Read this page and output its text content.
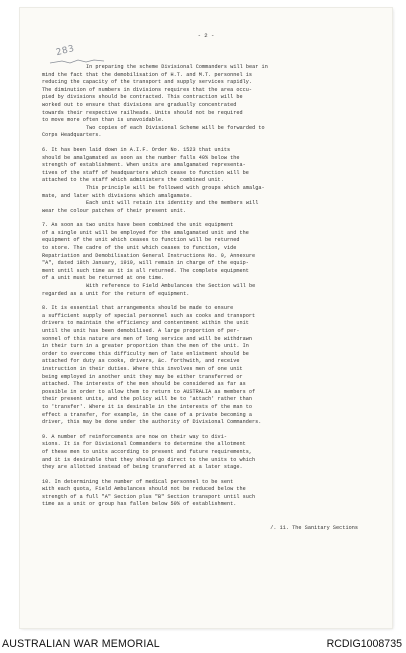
283
- 2 -
In preparing the scheme Divisional Commanders will bear in
mind the fact that the demobilisation of H.T. and M.T. personnel is
reducing the capacity of the transport and supply services rapidly.
The diminution of numbers in divisions requires that the area occu-
pied by divisions should be contracted. This contraction will be
worked out to ensure that divisions are gradually concentrated
towards their respective railheads. Units should not be required
to move more often than is unavoidable.
Two copies of each Divisional Scheme will be forwarded to
Corps Headquarters.
6. It has been laid down in A.I.F. Order No. 1523 that units
should be amalgamated as soon as the number falls 40% below the
strength of establishment. When units are amalgamated representa-
tives of the staff of headquarters which cease to function will be
attached to the staff which administers the combined unit.
This principle will be followed with groups which amalga-
mate, and later with divisions which amalgamate.
Each unit will retain its identity and the members will
wear the colour patches of their present unit.
7. As soon as two units have been combined the unit equipment
of a single unit will be employed for the amalgamated unit and the
equipment of the unit which ceases to function will be returned
to store. The cadre of the unit which ceases to function, vide
Repatriation and Demobilisation General Instructions No. 9, Annexure
"A", dated 18th January, 1919, will remain in charge of the equip-
ment until such time as it is all returned. The complete equipment
of a unit must be returned at one time.
With reference to Field Ambulances the Section will be
regarded as a unit for the return of equipment.
8. It is essential that arrangements should be made to ensure
a sufficient supply of special personnel such as cooks and transport
drivers to maintain the efficiency and contentment within the unit
until the unit has been demobilised. A large proportion of per-
sonnel of this nature are men of long service and will be withdrawn
in their turn in a greater proportion than the men of the unit. In
order to overcome this difficulty men of late enlistment should be
attached for duty as cooks, drivers, &c. forthwith, and receive
instruction in their duties. Where this involves men of one unit
being employed in another unit they may be either transferred or
attached. The interests of the men should be considered as far as
possible in order to allow them to return to AUSTRALIA as members of
their present units, and the policy will be to 'attach' rather than
to 'transfer'. Where it is desirable in the interests of the man to
effect a transfer, for example, in the case of a private becoming a
driver, this may be done under the authority of Divisional Commanders.
9. A number of reinforcements are now on their way to divi-
sions. It is for Divisional Commanders to determine the allotment
of these men to units according to present and future requirements,
and it is desirable that they should go direct to the units to which
they are allotted instead of being transferred at a later stage.
10. In determining the number of medical personnel to be sent
with each quota, Field Ambulances should not be reduced below the
strength of a full "A" Section plus "B" Section transport until such
time as a unit or group has fallen below 50% of establishment.
/. 11. The Sanitary Sections
AUSTRALIAN WAR MEMORIAL	RCDIG1008735
